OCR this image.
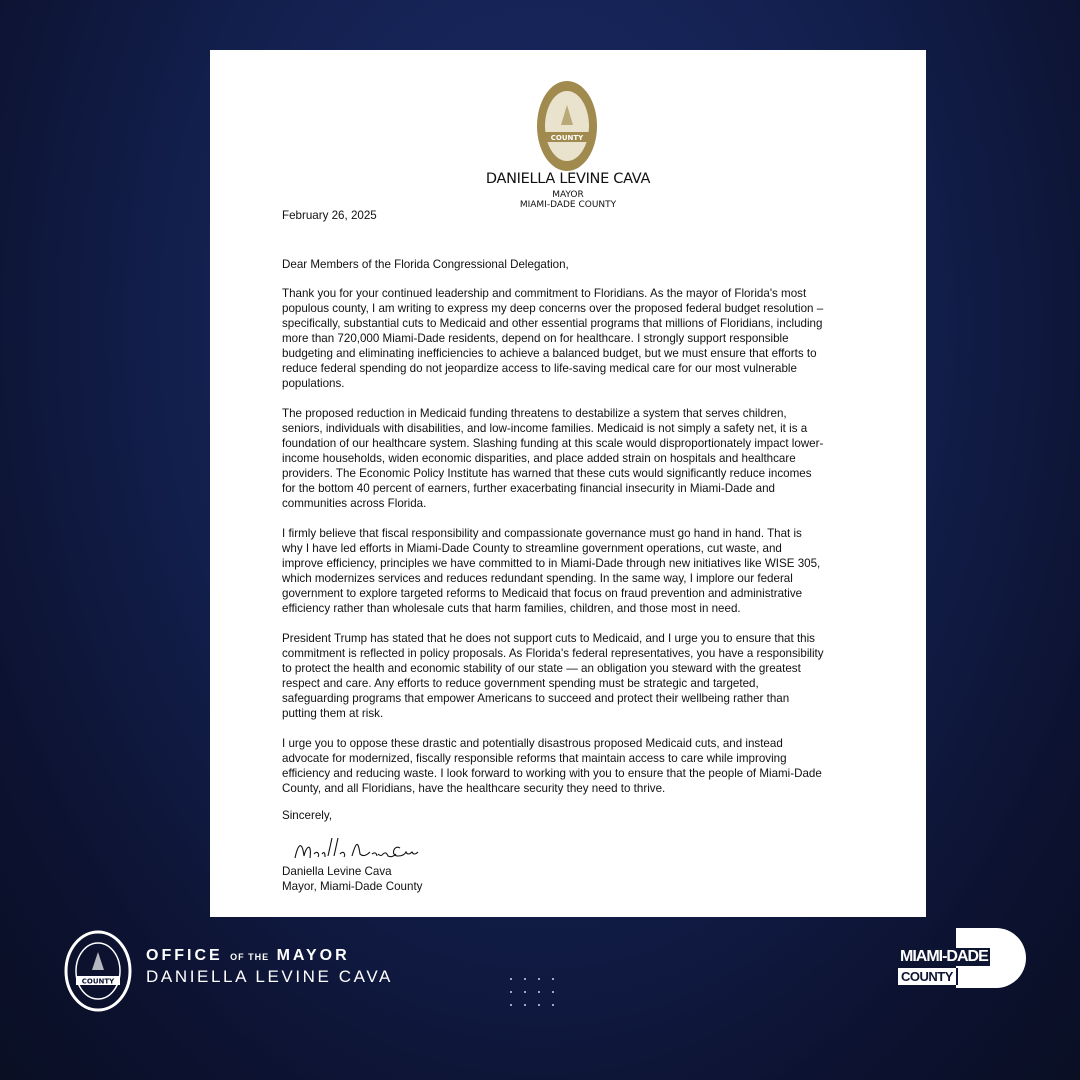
COUNTY
DANIELLA LEVINE CAVA
MAYOR
MIAMI-DADE COUNTY
February 26, 2025
Dear Members of the Florida Congressional Delegation,
Thank you for your continued leadership and commitment to Floridians. As the mayor of Florida's most
populous county, I am writing to express my deep concerns over the proposed federal budget resolution –
specifically, substantial cuts to Medicaid and other essential programs that millions of Floridians, including
more than 720,000 Miami-Dade residents, depend on for healthcare. I strongly support responsible
budgeting and eliminating inefficiencies to achieve a balanced budget, but we must ensure that efforts to
reduce federal spending do not jeopardize access to life-saving medical care for our most vulnerable
populations.
The proposed reduction in Medicaid funding threatens to destabilize a system that serves children,
seniors, individuals with disabilities, and low-income families. Medicaid is not simply a safety net, it is a
foundation of our healthcare system. Slashing funding at this scale would disproportionately impact lower-
income households, widen economic disparities, and place added strain on hospitals and healthcare
providers. The Economic Policy Institute has warned that these cuts would significantly reduce incomes
for the bottom 40 percent of earners, further exacerbating financial insecurity in Miami-Dade and
communities across Florida.
I firmly believe that fiscal responsibility and compassionate governance must go hand in hand. That is
why I have led efforts in Miami-Dade County to streamline government operations, cut waste, and
improve efficiency, principles we have committed to in Miami-Dade through new initiatives like WISE 305,
which modernizes services and reduces redundant spending. In the same way, I implore our federal
government to explore targeted reforms to Medicaid that focus on fraud prevention and administrative
efficiency rather than wholesale cuts that harm families, children, and those most in need.
President Trump has stated that he does not support cuts to Medicaid, and I urge you to ensure that this
commitment is reflected in policy proposals. As Florida's federal representatives, you have a responsibility
to protect the health and economic stability of our state — an obligation you steward with the greatest
respect and care. Any efforts to reduce government spending must be strategic and targeted,
safeguarding programs that empower Americans to succeed and protect their wellbeing rather than
putting them at risk.
I urge you to oppose these drastic and potentially disastrous proposed Medicaid cuts, and instead
advocate for modernized, fiscally responsible reforms that maintain access to care while improving
efficiency and reducing waste. I look forward to working with you to ensure that the people of Miami-Dade
County, and all Floridians, have the healthcare security they need to thrive.
Sincerely,
Daniella Levine Cava
Mayor, Miami-Dade County
COUNTY
OFFICE OF THE MAYOR
DANIELLA LEVINE CAVA
MIAMI-DADE
COUNTY
